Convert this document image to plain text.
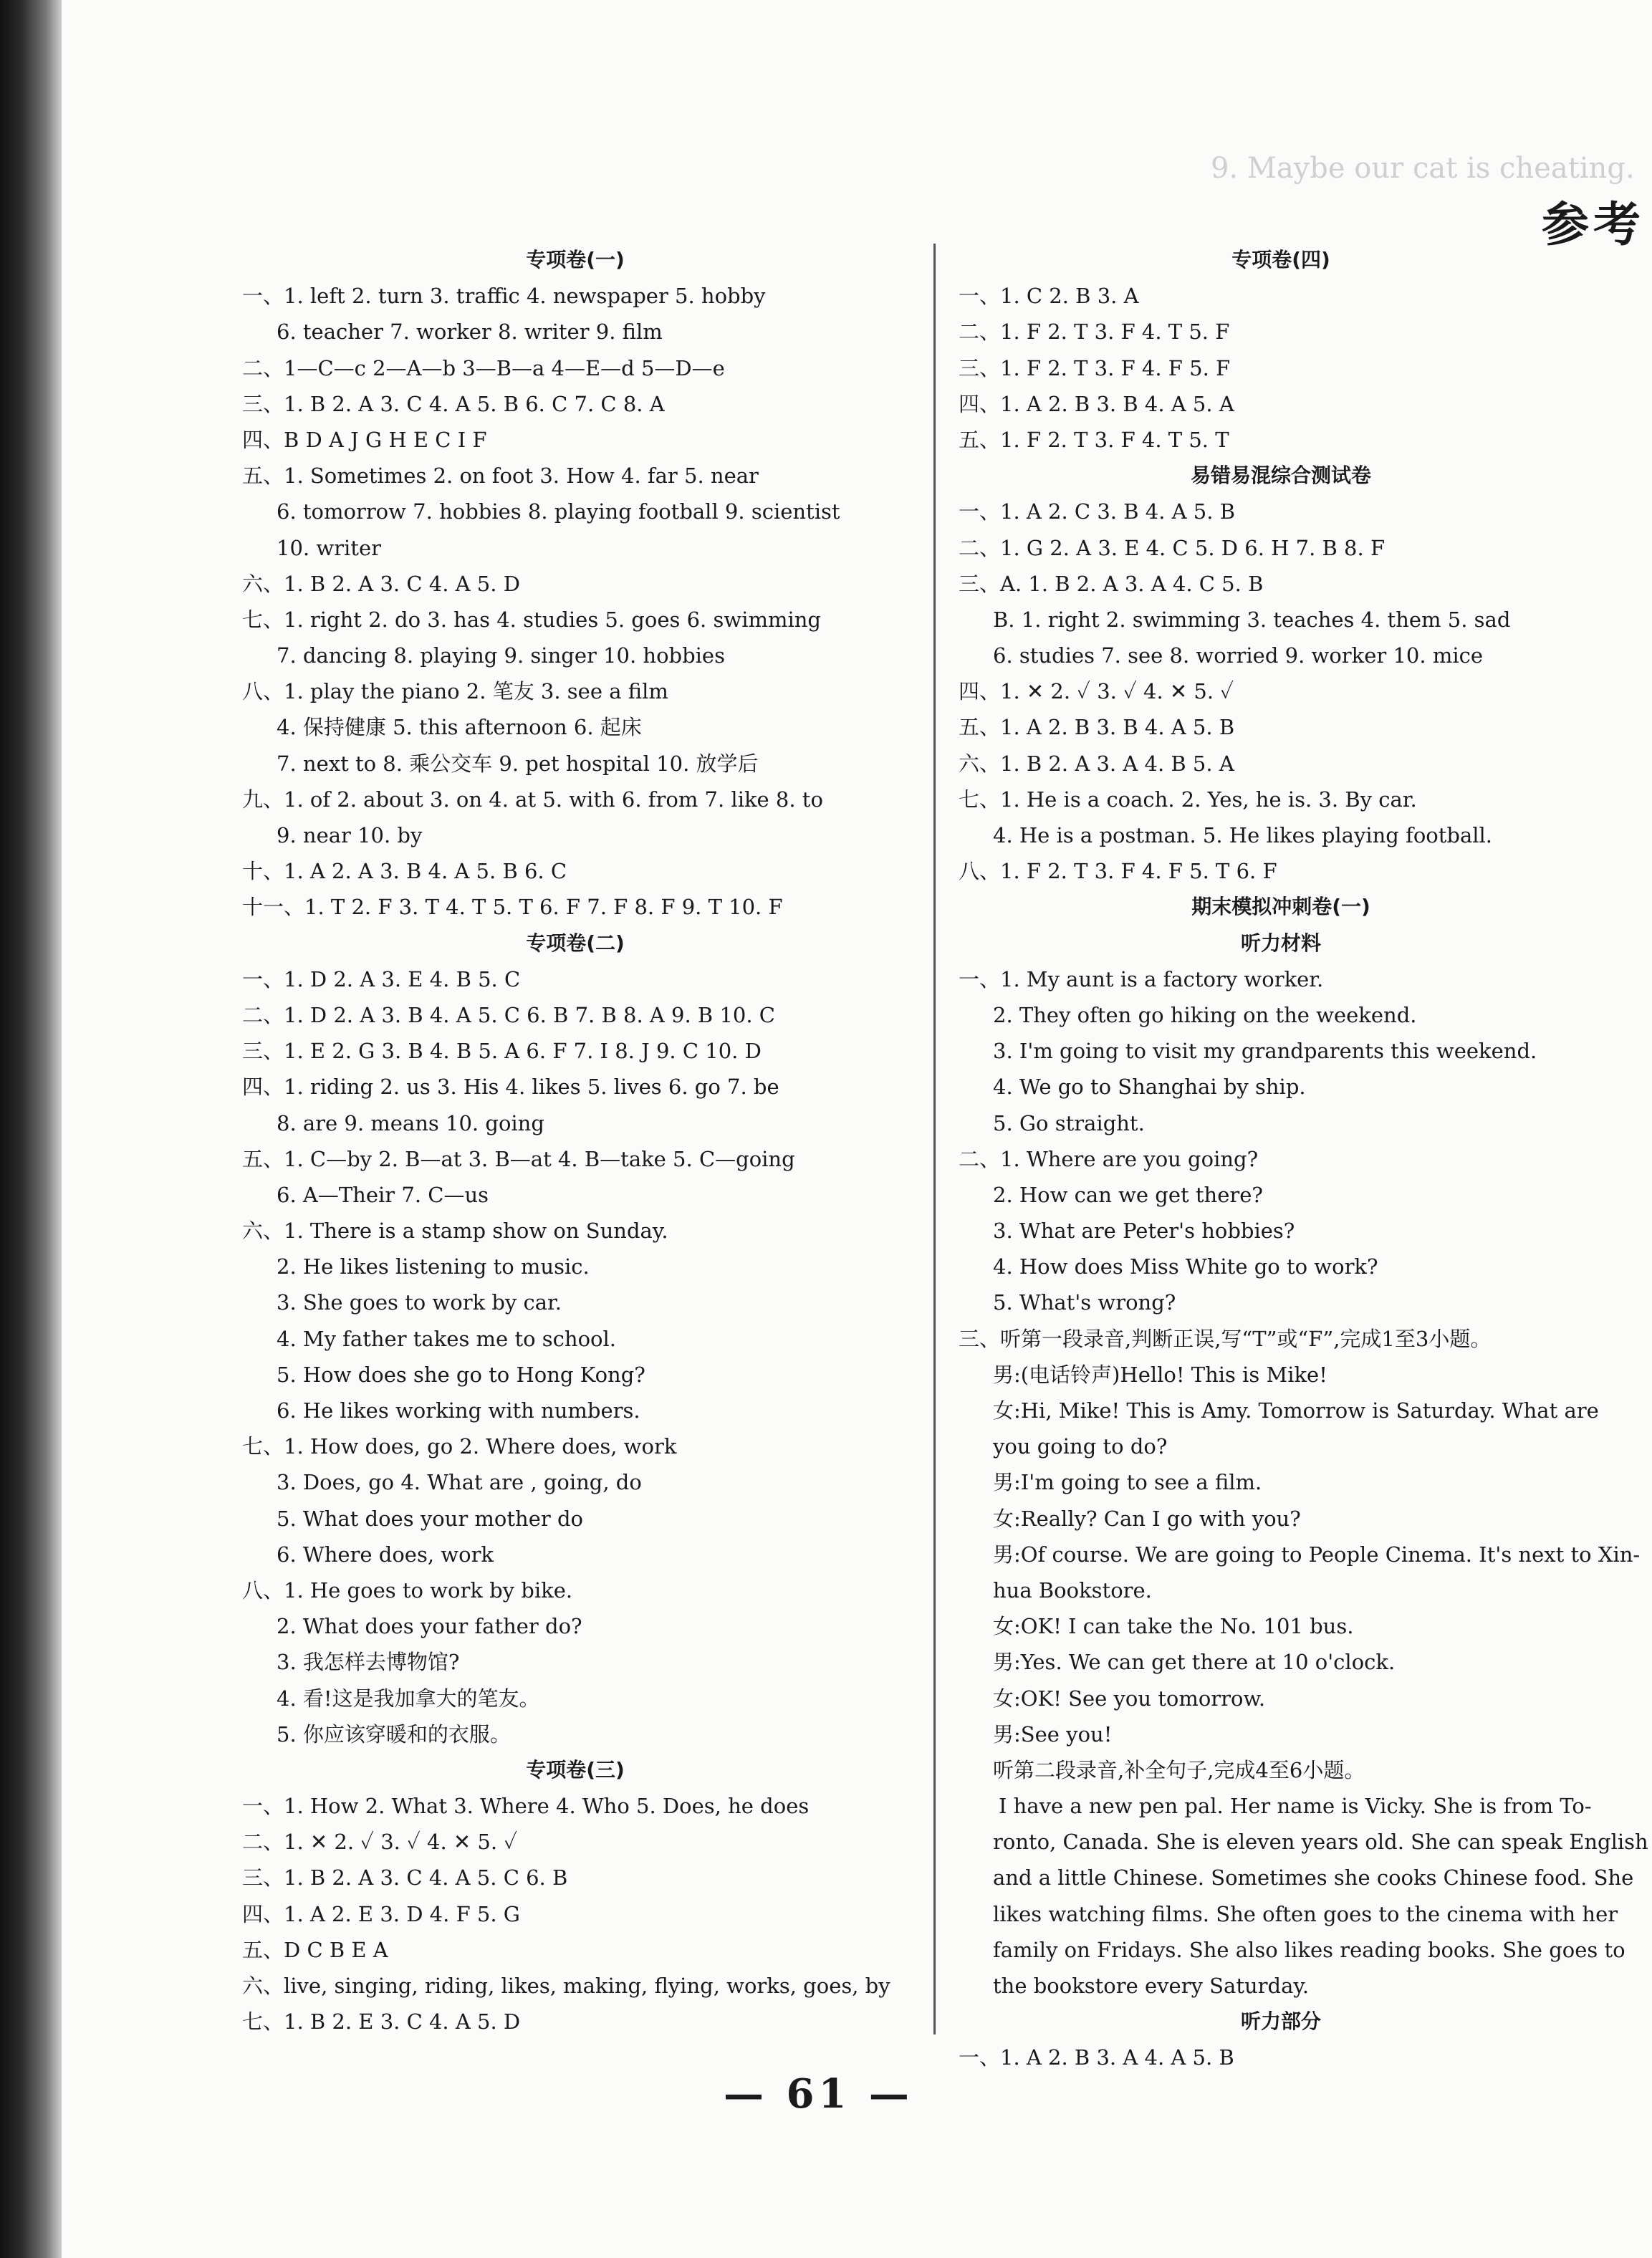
9. Maybe our cat is cheating.
参考
专项卷(一)
一、1. left 2. turn 3. traffic 4. newspaper 5. hobby
6. teacher 7. worker 8. writer 9. film
二、1—C—c 2—A—b 3—B—a 4—E—d 5—D—e
三、1. B 2. A 3. C 4. A 5. B 6. C 7. C 8. A
四、B D A J G H E C I F
五、1. Sometimes 2. on foot 3. How 4. far 5. near
6. tomorrow 7. hobbies 8. playing football 9. scientist
10. writer
六、1. B 2. A 3. C 4. A 5. D
七、1. right 2. do 3. has 4. studies 5. goes 6. swimming
7. dancing 8. playing 9. singer 10. hobbies
八、1. play the piano 2. 笔友 3. see a film
4. 保持健康 5. this afternoon 6. 起床
7. next to 8. 乘公交车 9. pet hospital 10. 放学后
九、1. of 2. about 3. on 4. at 5. with 6. from 7. like 8. to
9. near 10. by
十、1. A 2. A 3. B 4. A 5. B 6. C
十一、1. T 2. F 3. T 4. T 5. T 6. F 7. F 8. F 9. T 10. F
专项卷(二)
一、1. D 2. A 3. E 4. B 5. C
二、1. D 2. A 3. B 4. A 5. C 6. B 7. B 8. A 9. B 10. C
三、1. E 2. G 3. B 4. B 5. A 6. F 7. I 8. J 9. C 10. D
四、1. riding 2. us 3. His 4. likes 5. lives 6. go 7. be
8. are 9. means 10. going
五、1. C—by 2. B—at 3. B—at 4. B—take 5. C—going
6. A—Their 7. C—us
六、1. There is a stamp show on Sunday.
2. He likes listening to music.
3. She goes to work by car.
4. My father takes me to school.
5. How does she go to Hong Kong?
6. He likes working with numbers.
七、1. How does, go 2. Where does, work
3. Does, go 4. What are , going, do
5. What does your mother do
6. Where does, work
八、1. He goes to work by bike.
2. What does your father do?
3. 我怎样去博物馆?
4. 看!这是我加拿大的笔友。
5. 你应该穿暖和的衣服。
专项卷(三)
一、1. How 2. What 3. Where 4. Who 5. Does, he does
二、1. ✕ 2. ✓ 3. ✓ 4. ✕ 5. ✓
三、1. B 2. A 3. C 4. A 5. C 6. B
四、1. A 2. E 3. D 4. F 5. G
五、D C B E A
六、live, singing, riding, likes, making, flying, works, goes, by
七、1. B 2. E 3. C 4. A 5. D
专项卷(四)
一、1. C 2. B 3. A
二、1. F 2. T 3. F 4. T 5. F
三、1. F 2. T 3. F 4. F 5. F
四、1. A 2. B 3. B 4. A 5. A
五、1. F 2. T 3. F 4. T 5. T
易错易混综合测试卷
一、1. A 2. C 3. B 4. A 5. B
二、1. G 2. A 3. E 4. C 5. D 6. H 7. B 8. F
三、A. 1. B 2. A 3. A 4. C 5. B
B. 1. right 2. swimming 3. teaches 4. them 5. sad
6. studies 7. see 8. worried 9. worker 10. mice
四、1. ✕ 2. ✓ 3. ✓ 4. ✕ 5. ✓
五、1. A 2. B 3. B 4. A 5. B
六、1. B 2. A 3. A 4. B 5. A
七、1. He is a coach. 2. Yes, he is. 3. By car.
4. He is a postman. 5. He likes playing football.
八、1. F 2. T 3. F 4. F 5. T 6. F
期末模拟冲刺卷(一)
听力材料
一、1. My aunt is a factory worker.
2. They often go hiking on the weekend.
3. I'm going to visit my grandparents this weekend.
4. We go to Shanghai by ship.
5. Go straight.
二、1. Where are you going?
2. How can we get there?
3. What are Peter's hobbies?
4. How does Miss White go to work?
5. What's wrong?
三、听第一段录音,判断正误,写“T”或“F”,完成1至3小题。
男:(电话铃声)Hello! This is Mike!
女:Hi, Mike! This is Amy. Tomorrow is Saturday. What are
you going to do?
男:I'm going to see a film.
女:Really? Can I go with you?
男:Of course. We are going to People Cinema. It's next to Xin-
hua Bookstore.
女:OK! I can take the No. 101 bus.
男:Yes. We can get there at 10 o'clock.
女:OK! See you tomorrow.
男:See you!
听第二段录音,补全句子,完成4至6小题。
I have a new pen pal. Her name is Vicky. She is from To-
ronto, Canada. She is eleven years old. She can speak English
and a little Chinese. Sometimes she cooks Chinese food. She
likes watching films. She often goes to the cinema with her
family on Fridays. She also likes reading books. She goes to
the bookstore every Saturday.
听力部分
一、1. A 2. B 3. A 4. A 5. B
— 61 —
